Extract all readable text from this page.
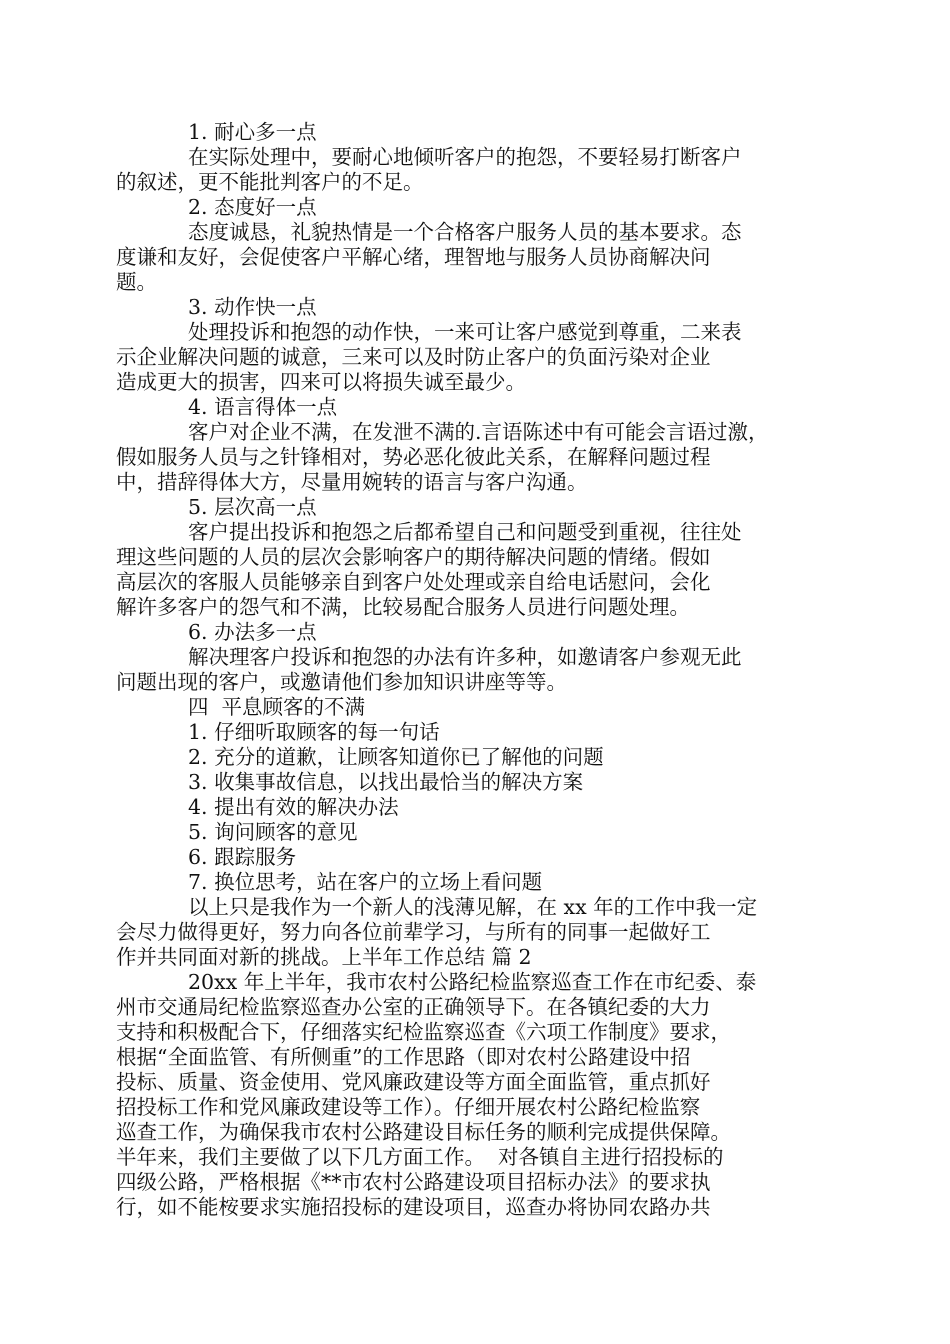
1. 耐心多一点
在实际处理中，要耐心地倾听客户的抱怨，不要轻易打断客户
的叙述，更不能批判客户的不足。
2. 态度好一点
态度诚恳，礼貌热情是一个合格客户服务人员的基本要求。态
度谦和友好，会促使客户平解心绪，理智地与服务人员协商解决问
题。
3. 动作快一点
处理投诉和抱怨的动作快，一来可让客户感觉到尊重，二来表
示企业解决问题的诚意，三来可以及时防止客户的负面污染对企业
造成更大的损害，四来可以将损失诚至最少。
4. 语言得体一点
客户对企业不满，在发泄不满的.言语陈述中有可能会言语过激，
假如服务人员与之针锋相对，势必恶化彼此关系，在解释问题过程
中，措辞得体大方，尽量用婉转的语言与客户沟通。
5. 层次高一点
客户提出投诉和抱怨之后都希望自己和问题受到重视，往往处
理这些问题的人员的层次会影响客户的期待解决问题的情绪。假如
高层次的客服人员能够亲自到客户处处理或亲自给电话慰问，会化
解许多客户的怨气和不满，比较易配合服务人员进行问题处理。
6. 办法多一点
解决理客户投诉和抱怨的办法有许多种，如邀请客户参观无此
问题出现的客户，或邀请他们参加知识讲座等等。
四  平息顾客的不满
1. 仔细听取顾客的每一句话
2. 充分的道歉，让顾客知道你已了解他的问题
3. 收集事故信息，以找出最恰当的解决方案
4. 提出有效的解决办法
5. 询问顾客的意见
6. 跟踪服务
7. 换位思考，站在客户的立场上看问题
以上只是我作为一个新人的浅薄见解，在 xx 年的工作中我一定
会尽力做得更好，努力向各位前辈学习，与所有的同事一起做好工
作并共同面对新的挑战。上半年工作总结 篇 2
20xx 年上半年，我市农村公路纪检监察巡查工作在市纪委、泰
州市交通局纪检监察巡查办公室的正确领导下。在各镇纪委的大力
支持和积极配合下，仔细落实纪检监察巡查《六项工作制度》要求，
根据“全面监管、有所侧重”的工作思路（即对农村公路建设中招
投标、质量、资金使用、党风廉政建设等方面全面监管，重点抓好
招投标工作和党风廉政建设等工作）。仔细开展农村公路纪检监察
巡查工作，为确保我市农村公路建设目标任务的顺利完成提供保障。
半年来，我们主要做了以下几方面工作。  对各镇自主进行招投标的
四级公路，严格根据《**市农村公路建设项目招标办法》的要求执
行，如不能桉要求实施招投标的建设项目，巡查办将协同农路办共
